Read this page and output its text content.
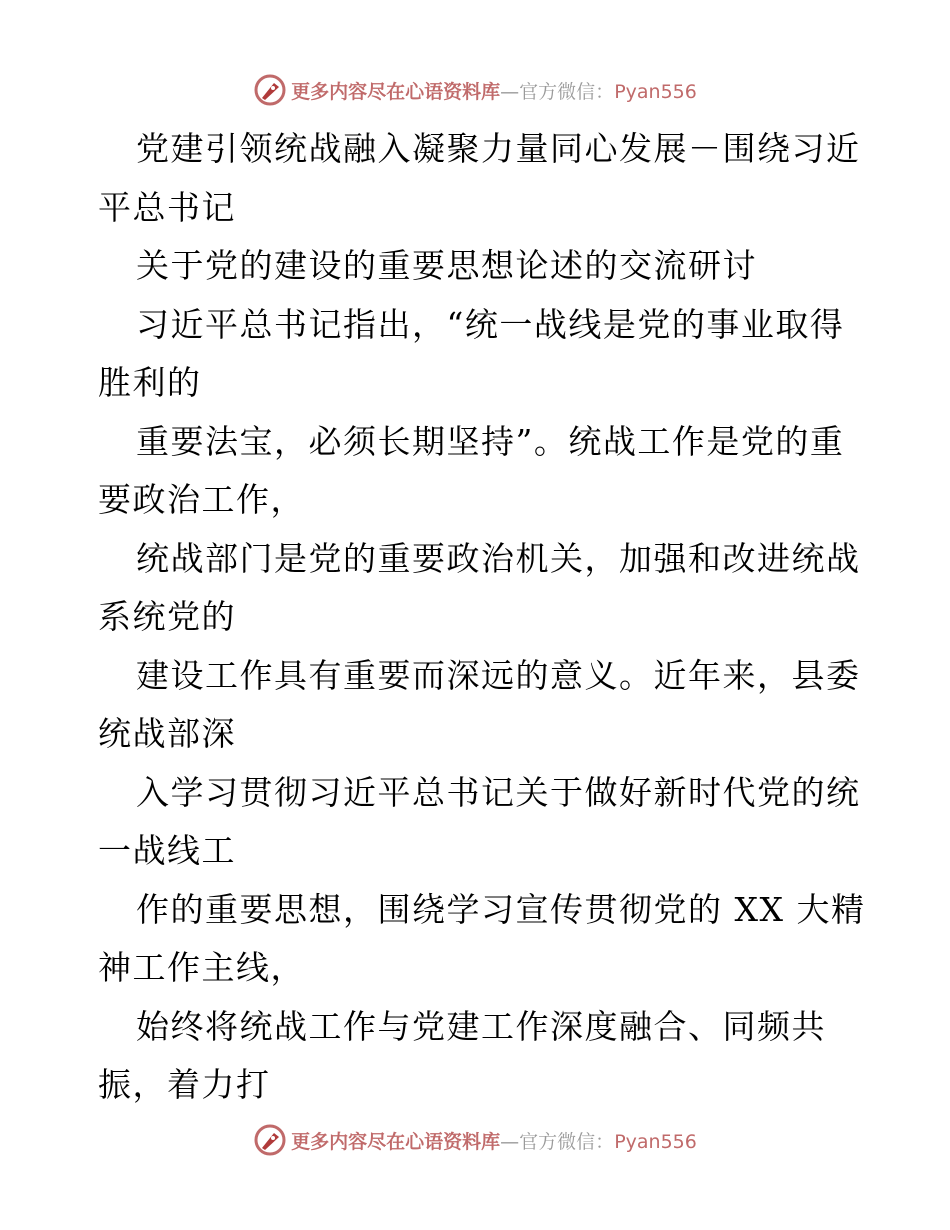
更多内容尽在心语资料库—官方微信：Pyan556

党建引领统战融入凝聚力量同心发展－围绕习近

平总书记

关于党的建设的重要思想论述的交流研讨

习近平总书记指出，“统一战线是党的事业取得

胜利的

重要法宝，必须长期坚持”。统战工作是党的重

要政治工作，

统战部门是党的重要政治机关，加强和改进统战

系统党的

建设工作具有重要而深远的意义。近年来，县委

统战部深

入学习贯彻习近平总书记关于做好新时代党的统

一战线工

作的重要思想，围绕学习宣传贯彻党的 XX 大精

神工作主线，

始终将统战工作与党建工作深度融合、同频共

振，着力打

更多内容尽在心语资料库—官方微信：Pyan556
